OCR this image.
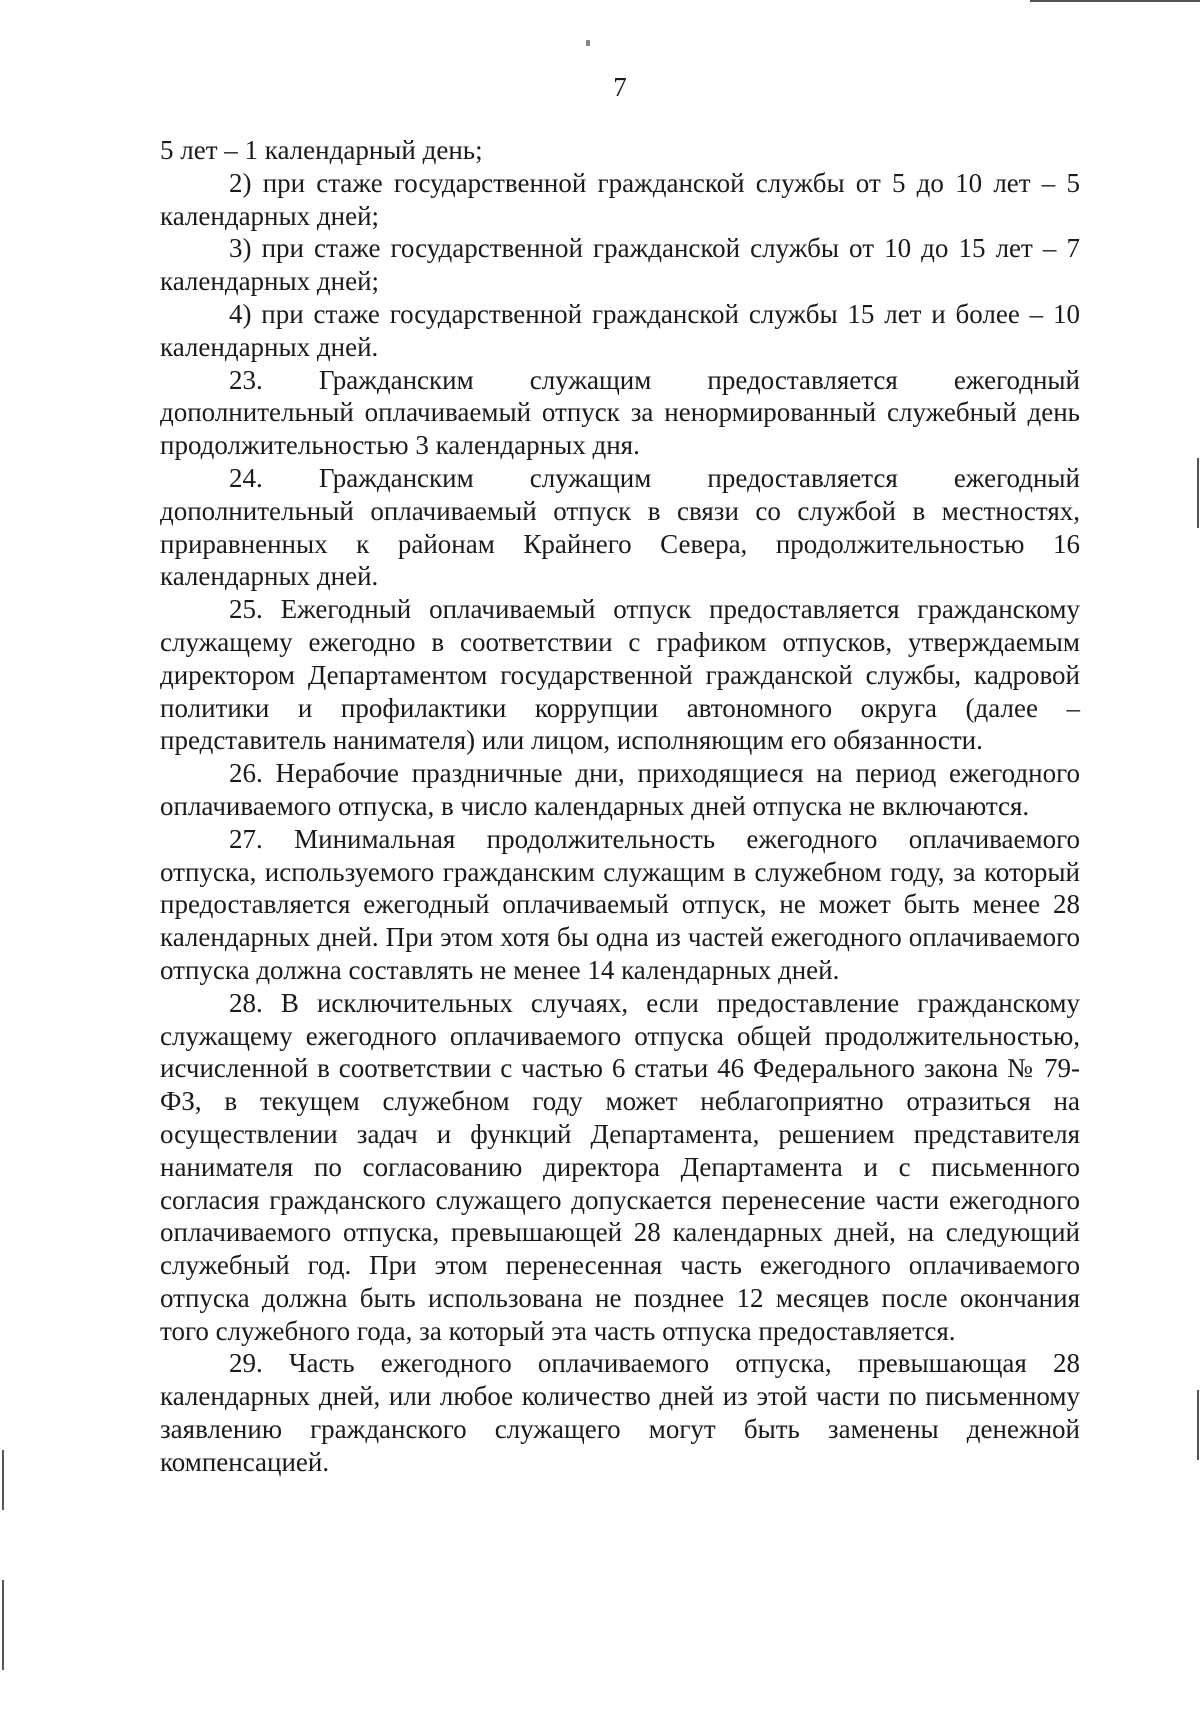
7

5 лет – 1 календарный день;

2) при стаже государственной гражданской службы от 5 до 10 лет – 5 календарных дней;

3) при стаже государственной гражданской службы от 10 до 15 лет – 7 календарных дней;

4) при стаже государственной гражданской службы 15 лет и более – 10 календарных дней.

23. Гражданским служащим предоставляется ежегодный дополнительный оплачиваемый отпуск за ненормированный служебный день продолжительностью 3 календарных дня.

24. Гражданским служащим предоставляется ежегодный дополнительный оплачиваемый отпуск в связи со службой в местностях, приравненных к районам Крайнего Севера, продолжительностью 16 календарных дней.

25. Ежегодный оплачиваемый отпуск предоставляется гражданскому служащему ежегодно в соответствии с графиком отпусков, утверждаемым директором Департаментом государственной гражданской службы, кадровой политики и профилактики коррупции автономного округа (далее – представитель нанимателя) или лицом, исполняющим его обязанности.

26. Нерабочие праздничные дни, приходящиеся на период ежегодного оплачиваемого отпуска, в число календарных дней отпуска не включаются.

27. Минимальная продолжительность ежегодного оплачиваемого отпуска, используемого гражданским служащим в служебном году, за который предоставляется ежегодный оплачиваемый отпуск, не может быть менее 28 календарных дней. При этом хотя бы одна из частей ежегодного оплачиваемого отпуска должна составлять не менее 14 календарных дней.

28. В исключительных случаях, если предоставление гражданскому служащему ежегодного оплачиваемого отпуска общей продолжительностью, исчисленной в соответствии с частью 6 статьи 46 Федерального закона № 79-ФЗ, в текущем служебном году может неблагоприятно отразиться на осуществлении задач и функций Департамента, решением представителя нанимателя по согласованию директора Департамента и с письменного согласия гражданского служащего допускается перенесение части ежегодного оплачиваемого отпуска, превышающей 28 календарных дней, на следующий служебный год. При этом перенесенная часть ежегодного оплачиваемого отпуска должна быть использована не позднее 12 месяцев после окончания того служебного года, за который эта часть отпуска предоставляется.

29. Часть ежегодного оплачиваемого отпуска, превышающая 28 календарных дней, или любое количество дней из этой части по письменному заявлению гражданского служащего могут быть заменены денежной компенсацией.
